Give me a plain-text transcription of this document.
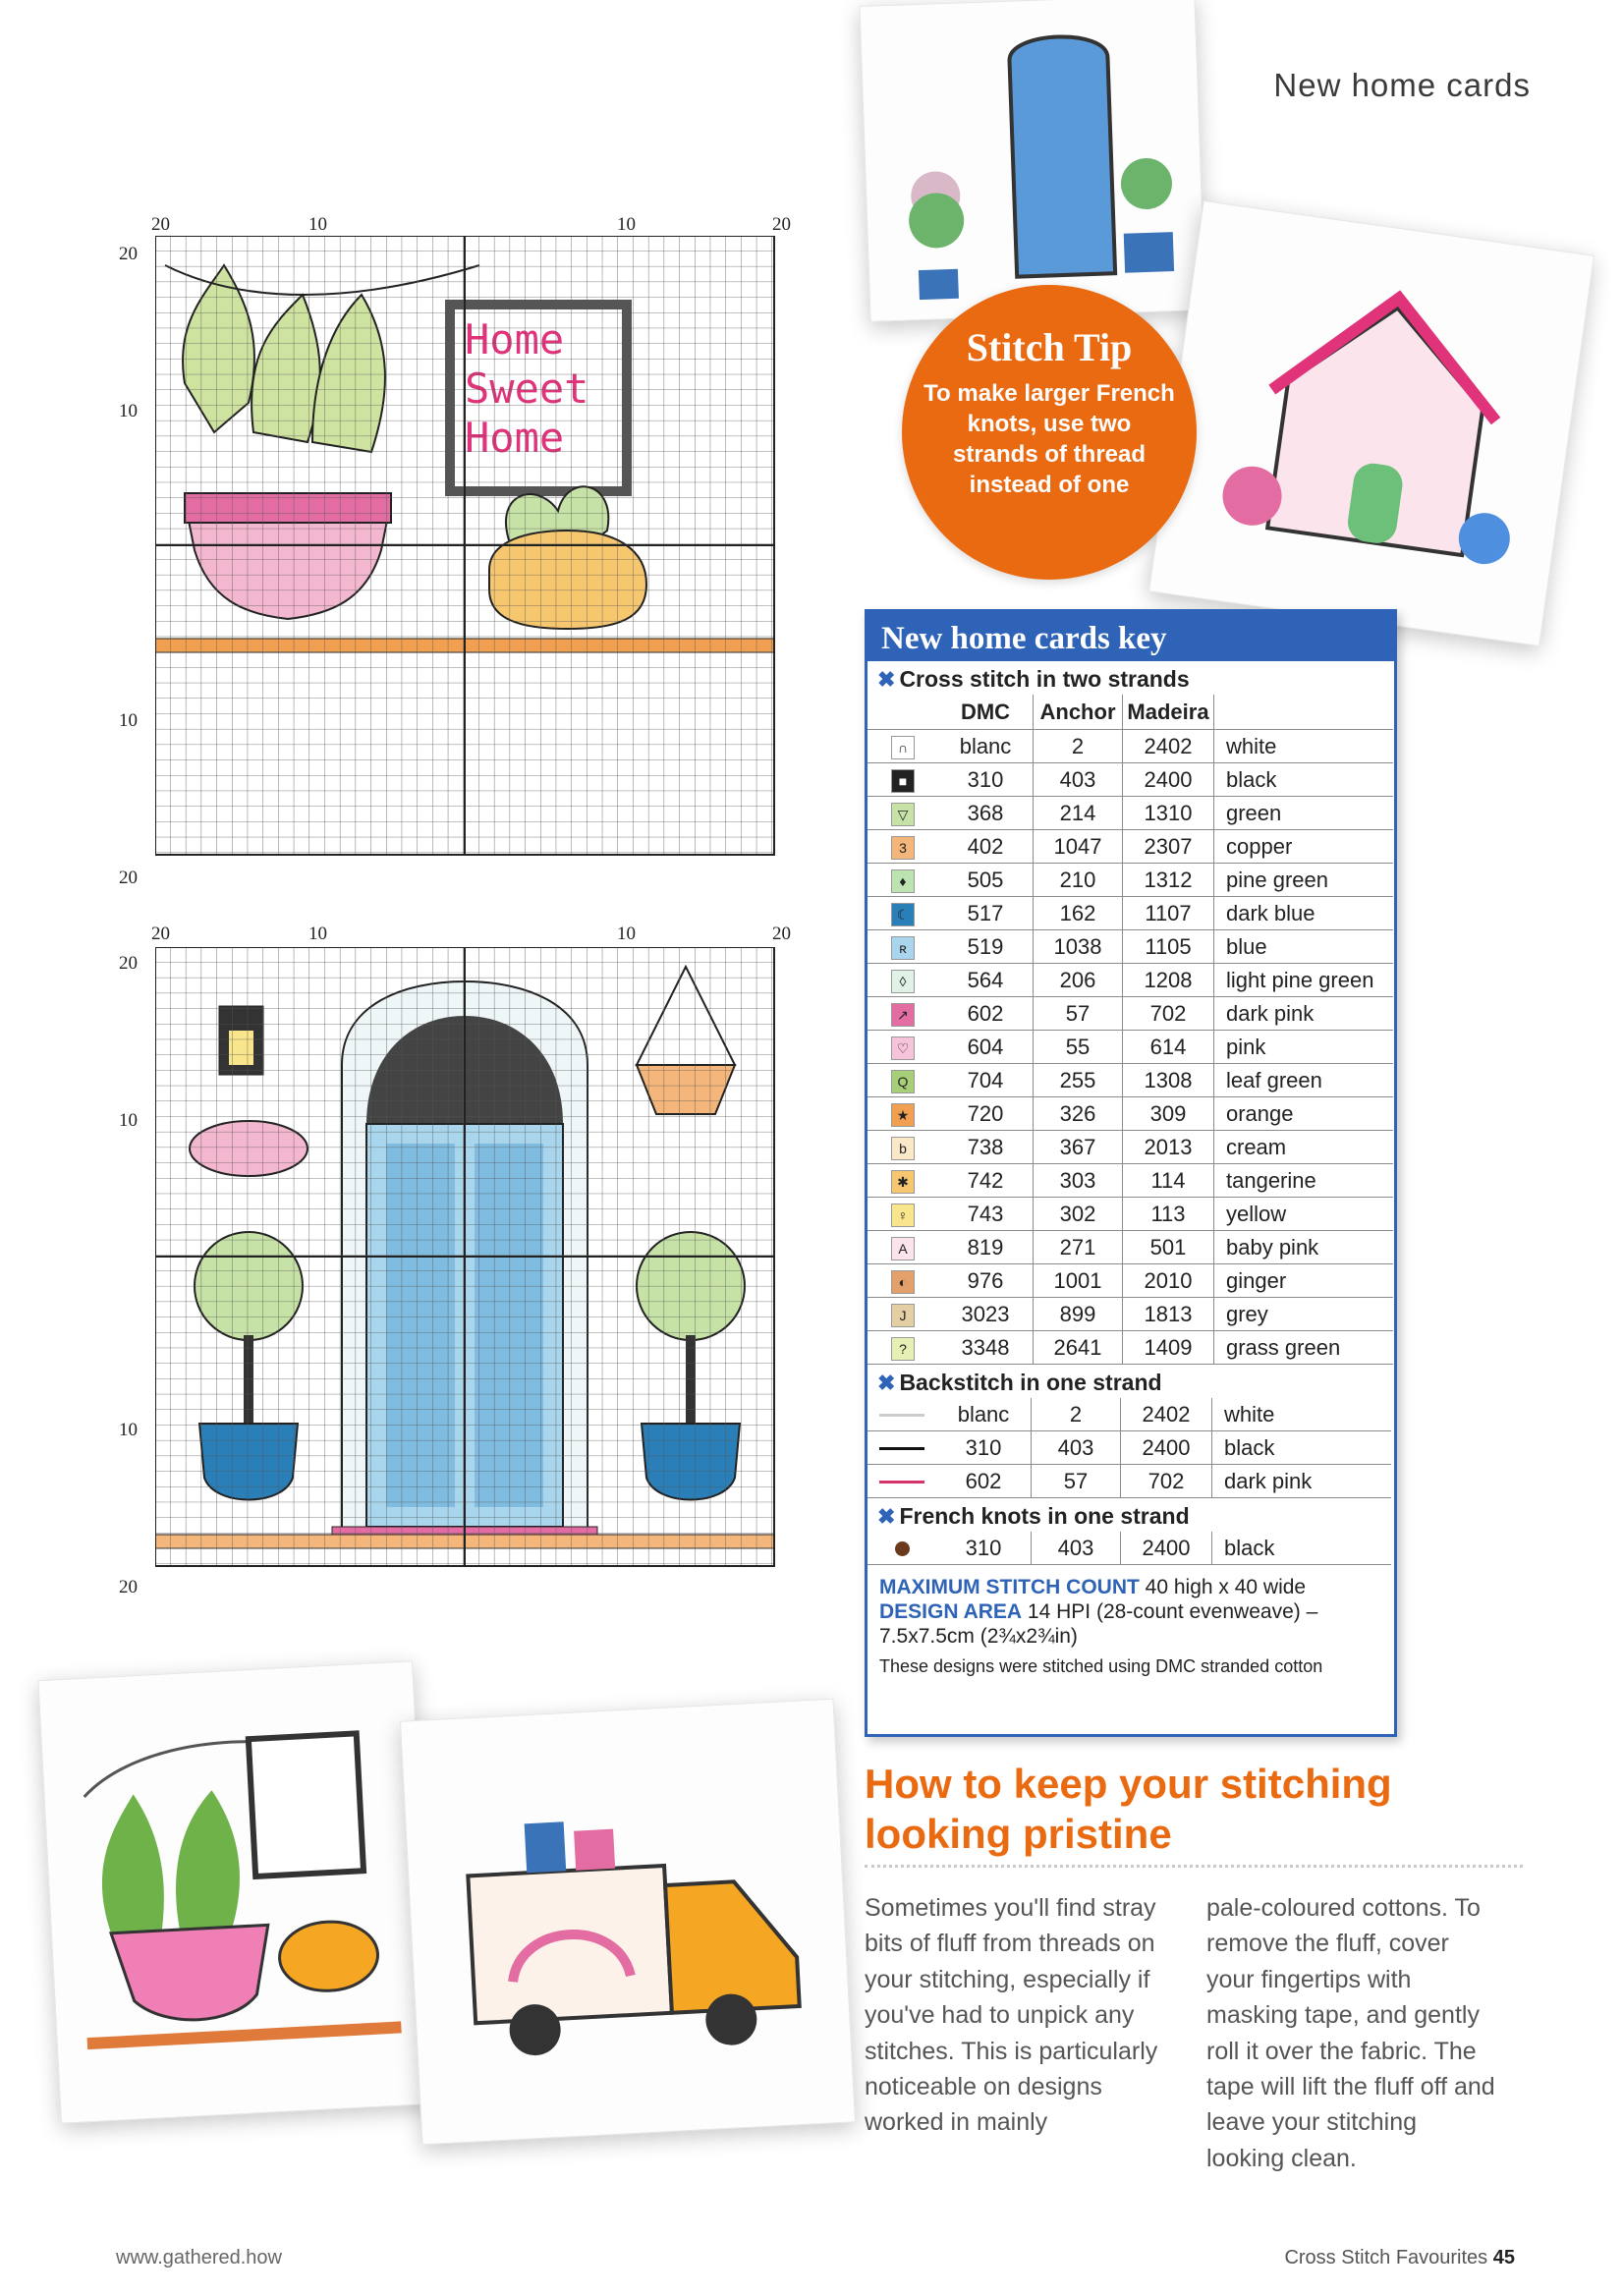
New home cards
20	10	10	20
20
10
10
20
20	10	10	20
20
10
10
20
Stitch Tip
To make larger French knots, use two strands of thread instead of one
New home cards key
✖ Cross stitch in two strands
	DMC	Anchor	Madeira	
∩	blanc	2	2402	white
■	310	403	2400	black
▽	368	214	1310	green
3	402	1047	2307	copper
♦	505	210	1312	pine green
☾	517	162	1107	dark blue
ʀ	519	1038	1105	blue
◊	564	206	1208	light pine green
↗	602	57	702	dark pink
♡	604	55	614	pink
Q	704	255	1308	leaf green
★	720	326	309	orange
b	738	367	2013	cream
✱	742	303	114	tangerine
♀	743	302	113	yellow
A	819	271	501	baby pink
◐	976	1001	2010	ginger
J	3023	899	1813	grey
?	3348	2641	1409	grass green
✖ Backstitch in one strand
	blanc	2	2402	white
	310	403	2400	black
	602	57	702	dark pink
✖ French knots in one strand
	310	403	2400	black
MAXIMUM STITCH COUNT 40 high x 40 wide
DESIGN AREA 14 HPI (28-count evenweave) – 7.5x7.5cm (2¾x2¾in)
These designs were stitched using DMC stranded cotton
How to keep your stitching looking pristine
Sometimes you'll find stray bits of fluff from threads on your stitching, especially if you've had to unpick any stitches. This is particularly noticeable on designs worked in mainly
pale-coloured cottons. To remove the fluff, cover your fingertips with masking tape, and gently roll it over the fabric. The tape will lift the fluff off and leave your stitching looking clean.
www.gathered.how	Cross Stitch Favourites 45
